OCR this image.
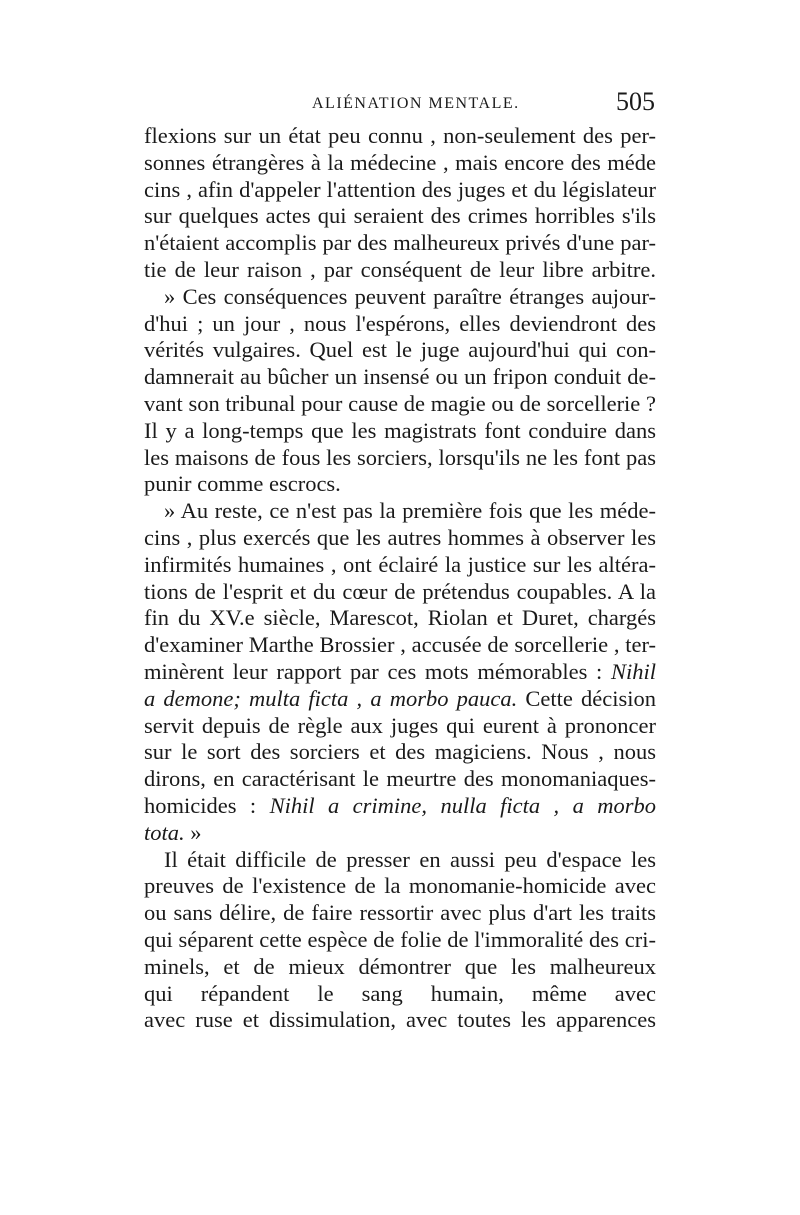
ALIÉNATION MENTALE.	505
flexions sur un état peu connu , non-seulement des per-
sonnes étrangères à la médecine , mais encore des méde
cins , afin d'appeler l'attention des juges et du législateur
sur quelques actes qui seraient des crimes horribles s'ils
n'étaient accomplis par des malheureux privés d'une par-
tie de leur raison , par conséquent de leur libre arbitre.
» Ces conséquences peuvent paraître étranges aujour-
d'hui ; un jour , nous l'espérons, elles deviendront des
vérités vulgaires. Quel est le juge aujourd'hui qui con-
damnerait au bûcher un insensé ou un fripon conduit de-
vant son tribunal pour cause de magie ou de sorcellerie ?
Il y a long-temps que les magistrats font conduire dans
les maisons de fous les sorciers, lorsqu'ils ne les font pas
punir comme escrocs.
» Au reste, ce n'est pas la première fois que les méde-
cins , plus exercés que les autres hommes à observer les
infirmités humaines , ont éclairé la justice sur les altéra-
tions de l'esprit et du cœur de prétendus coupables. A la
fin du XV.e siècle, Marescot, Riolan et Duret, chargés
d'examiner Marthe Brossier , accusée de sorcellerie , ter-
minèrent leur rapport par ces mots mémorables : Nihil
a demone; multa ficta , a morbo pauca. Cette décision
servit depuis de règle aux juges qui eurent à prononcer
sur le sort des sorciers et des magiciens. Nous , nous
dirons, en caractérisant le meurtre des monomaniaques-
homicides : Nihil a crimine, nulla ficta , a morbo
tota. »
Il était difficile de presser en aussi peu d'espace les
preuves de l'existence de la monomanie-homicide avec
ou sans délire, de faire ressortir avec plus d'art les traits
qui séparent cette espèce de folie de l'immoralité des cri-
minels, et de mieux démontrer que les malheureux
qui répandent le sang humain, même avec
avec ruse et dissimulation, avec toutes les apparences
